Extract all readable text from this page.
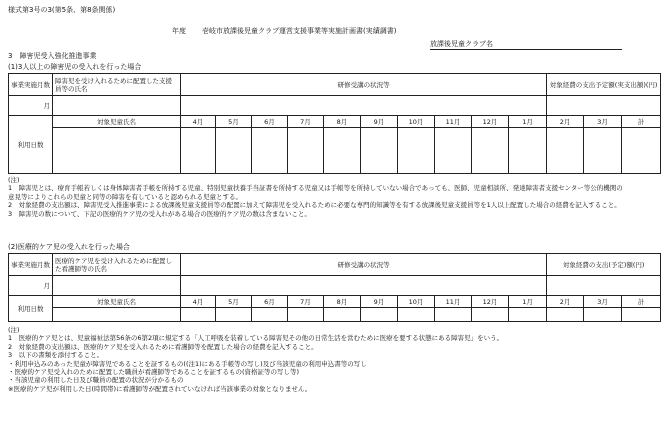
様式第3号の3(第5条、第8条関係)
年度 壱岐市放課後児童クラブ運営支援事業等実施計画書(実績調書)
放課後児童クラブ名
3　障害児受入強化推進事業
(1)3人以上の障害児の受入れを行った場合
事業実施月数	障害児を受け入れるために配置した支援員等の氏名	研修受講の状況等										対象経費の支出予定額(実支出額)(円)		
月														
利用日数	対象児童氏名	4月	5月	6月	7月	8月	9月	10月	11月	12月	1月	2月	3月	計

(注)
1　障害児とは、療育手帳若しくは身体障害者手帳を所持する児童、特別児童扶養手当証書を所持する児童又は手帳等を所持していない場合であっても、医師、児童相談所、発達障害者支援センター等公的機関の意見等によりこれらの児童と同等の障害を有していると認められる児童とする。
2　対象経費の支出額は、障害児受入推進事業による放課後児童支援員等の配置に加えて障害児を受入れるために必要な専門的知識等を有する放課後児童支援員等を1人以上配置した場合の経費を記入すること。
3　障害児の数について、下記の医療的ケア児の受入れがある場合の医療的ケア児の数は含まないこと。
(2)医療的ケア児の受入れを行った場合
事業実施月数	医療的ケア児を受け入れるために配置した看護師等の氏名	研修受講の状況等										対象経費の支出(予定)額(円)		
月														
利用日数	対象児童氏名	4月	5月	6月	7月	8月	9月	10月	11月	12月	1月	2月	3月	計

(注)
1　医療的ケア児とは、児童福祉法第56条の6第2項に規定する「人工呼吸を装着している障害児その他の日常生活を営むために医療を要する状態にある障害児」をいう。
2　対象経費の支出額は、医療的ケア児を受入れるために看護師等を配置した場合の経費を記入すること。
3　以下の書類を添付すること。
・利用申込みのあった児童が障害児であることを証するもの((注1)にある手帳等の写し)及び当該児童の利用申込書等の写し
・医療的ケア児受入れのために配置した職員が看護師等であることを証するもの(資格証等の写し等)
・当該児童の利用した日及び職員の配置の状況が分かるもの
※医療的ケア児が利用した日(時間帯)に看護師等が配置されていなければ当該事業の対象となりません。
